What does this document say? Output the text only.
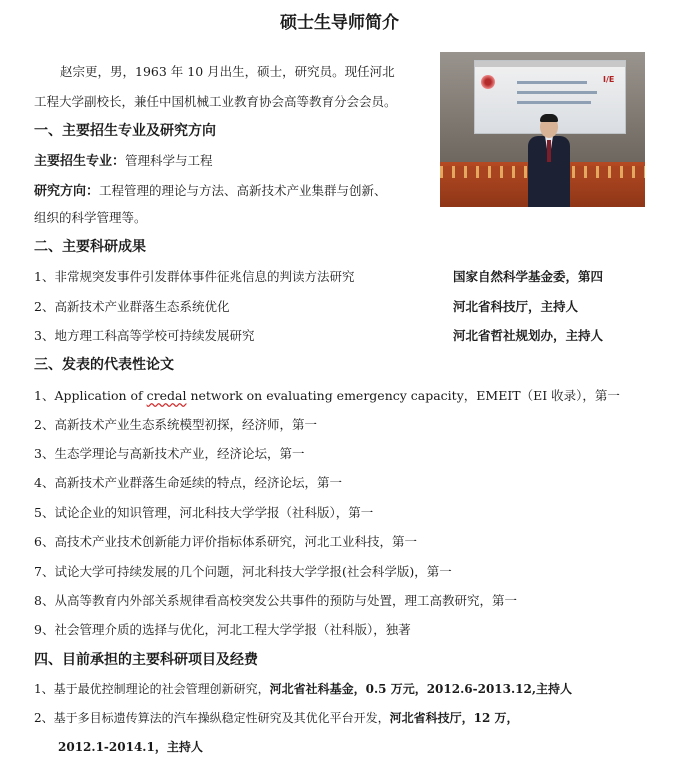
硕士生导师简介
赵宗更，男，1963 年 10 月出生，硕士，研究员。现任河北
工程大学副校长，兼任中国机械工业教育协会高等教育分会会员。
I/E
一、主要招生专业及研究方向
主要招生专业：管理科学与工程
研究方向：工程管理的理论与方法、高新技术产业集群与创新、
组织的科学管理等。
二、主要科研成果
1、非常规突发事件引发群体事件征兆信息的判读方法研究	国家自然科学基金委，第四
2、高新技术产业群落生态系统优化	河北省科技厅，主持人
3、地方理工科高等学校可持续发展研究	河北省哲社规划办，主持人
三、发表的代表性论文
1、Application of credal network on evaluating emergency capacity，EMEIT（EI 收录），第一
2、高新技术产业生态系统模型初探，经济师，第一
3、生态学理论与高新技术产业，经济论坛，第一
4、高新技术产业群落生命延续的特点，经济论坛，第一
5、试论企业的知识管理，河北科技大学学报（社科版），第一
6、高技术产业技术创新能力评价指标体系研究，河北工业科技，第一
7、试论大学可持续发展的几个问题，河北科技大学学报(社会科学版)，第一
8、从高等教育内外部关系规律看高校突发公共事件的预防与处置，理工高教研究，第一
9、社会管理介质的选择与优化，河北工程大学学报（社科版），独著
四、目前承担的主要科研项目及经费
1、基于最优控制理论的社会管理创新研究，河北省社科基金，0.5 万元，2012.6-2013.12,主持人
2、基于多目标遗传算法的汽车操纵稳定性研究及其优化平台开发，河北省科技厅，12 万，
2012.1-2014.1，主持人
